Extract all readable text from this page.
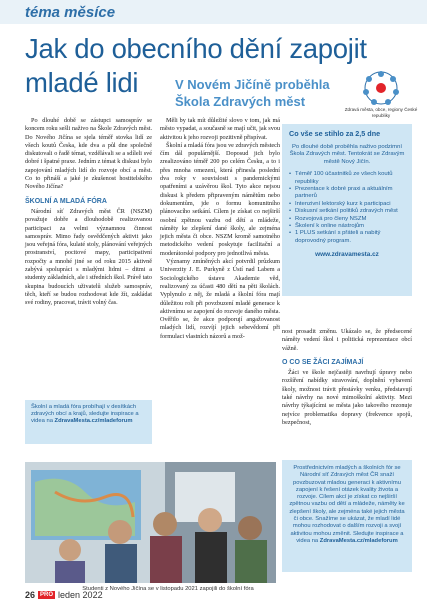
téma měsíce
Jak do obecního dění zapojit mladé lidi	V Novém Jičíně proběhla Škola Zdravých měst
Zdravá města, obce, regiony České republiky

Po dlouhé době se zástupci samospráv se koncem roku sešli naživo na Škole Zdravých měst. Do Nového Jičína se sjela téměř stovka lidí ze všech koutů Česka, kde dva a půl dne společně diskutovali o řadě témat, vzdělávali se a sdíleli své dobré i špatné praxe. Jedním z témat k diskusi bylo zapojování mladých lidí do rozvoje obcí a měst. Co to přináší a jaké je zkušenost hostitelského Nového Jičína?

ŠKOLNÍ A MLADÁ FÓRA

Národní síť Zdravých měst ČR (NSZM) považuje dobře a dlouhodobě realizovanou participaci za velmi významnou činnost samospráv. Mimo řady osvědčených aktivit jako jsou veřejná fóra, kulaté stoly, plánování veřejných prostranství, pocitové mapy, participativní rozpočty a mnohé jiné se od roku 2015 aktivně zabývá spolupráci s mladými lidmi – ditmi a studenty základních, ale i středních škol. Právě tato skupina budoucích uživatelů služeb samospráv, těch, kteří se budou rozhodovat kde žít, zakládat své rodiny, pracovat, trávit volný čas.

Školní a mladá fóra probíhají v desítkách zdravých obcí a krajů, sledujte inspirace a videa na ZdravaMesta.cz/mladeforum

Měli by tak mít důležité slovo v tom, jak má město vypadat, a současně se mají učit, jak svou aktivitou k jeho rozvoji pozitivně přispívat.

Školní a mladá fóra jsou ve zdravých městech čím dál populárnější. Doposud jich bylo zrealizováno téměř 200 po celém Česku, a to i přes mnoha omezení, která přinesla poslední dva roky v souvislosti s pandemickými opatřeními a uzávěrou škol. Tyto akce nejsou diskusi k předem připraveným námětům nebo dokumentům, jde o formu komunitního plánovacího setkání. Cílem je získat co nejširší osobní zpětnou vazbu od dětí a mládeže, náměty ke zlepšení dané školy, ale zejména jejich města či obce. NSZM kromě samotného metodického vedení poskytuje facilitační a moderátorské podpory pro jednotlivá města.

Významy zmíněných akcí potvrdil průzkum Univerzity J. E. Purkyně z Ústí nad Labem a Sociologického ústavu Akademie věd, realizovaný za účasti 480 dětí na pěti školách. Vyplynulo z něj, že mladá a školní fóra mají důležitou roli při povzbuzení mladé generace k aktivnímu se zapojení do rozvoje daného města. Ověřilo se, že akce podporují angažovanost mladých lidí, rozvíjí jejich sebevědomí při formulaci vlastních názorů a mož-

Co vše se stihlo za 2,5 dne
Po dlouhé době proběhla naživo podzimní Škola Zdravých měst. Tentokrát se Zdravým městě Nový Jičín.
• Téměř 100 účastnitků ze všech koutů republiky
• Prezentace k dobré praxi a aktuálním partnerů
• Intenzivní lektorský kurz k participaci
• Diskusní setkání politiků zdravých měst
• Rozvojová pro členy NSZM
• Školení k online nástrojům
• 1 PLUS setkání s přáteli a nabitý doprovodný program.
www.zdravamesta.cz

nost prosadit změnu. Ukázalo se, že předsecené náměty vedení škol i politická reprezentace obcí vážně.

O CO SE ŽÁCI ZAJÍMAJÍ

Žáci ve škole nejčastěji navrhují úpravy nebo rozšíření nabídky stravování, doplnění vybavení školy, možnost trávit přestávky venku, představují také návrhy na nové mimoškolní aktivity. Mezi návrhy týkajícími se města jako takového rezonuje nejvíce problematika dopravy (frekvence spojů, bezpečnost,

Prostřednictvím mladých a školních fór se Národní síť Zdravých měst ČR snaží povzbuzovat mladou generaci k aktivnímu zapojení k řešení otázek kvality života a rozvoje. Cílem akcí je získat co nejširší zpětnou vazbu od dětí a mládeže, náměty ke zlepšení školy, ale zejména také jejich města či obce. Snažíme se ukázat, že mladí lidé mohou rozhodovat o dalším rozvoji a svojí aktivitou mohou změnit. Sledujte inspirace a videa na ZdravaMesta.cz/mladeforum
Studenti z Nového Jičína se v listopadu 2021 zapojili do školní fóra
26 PRO leden 2022
